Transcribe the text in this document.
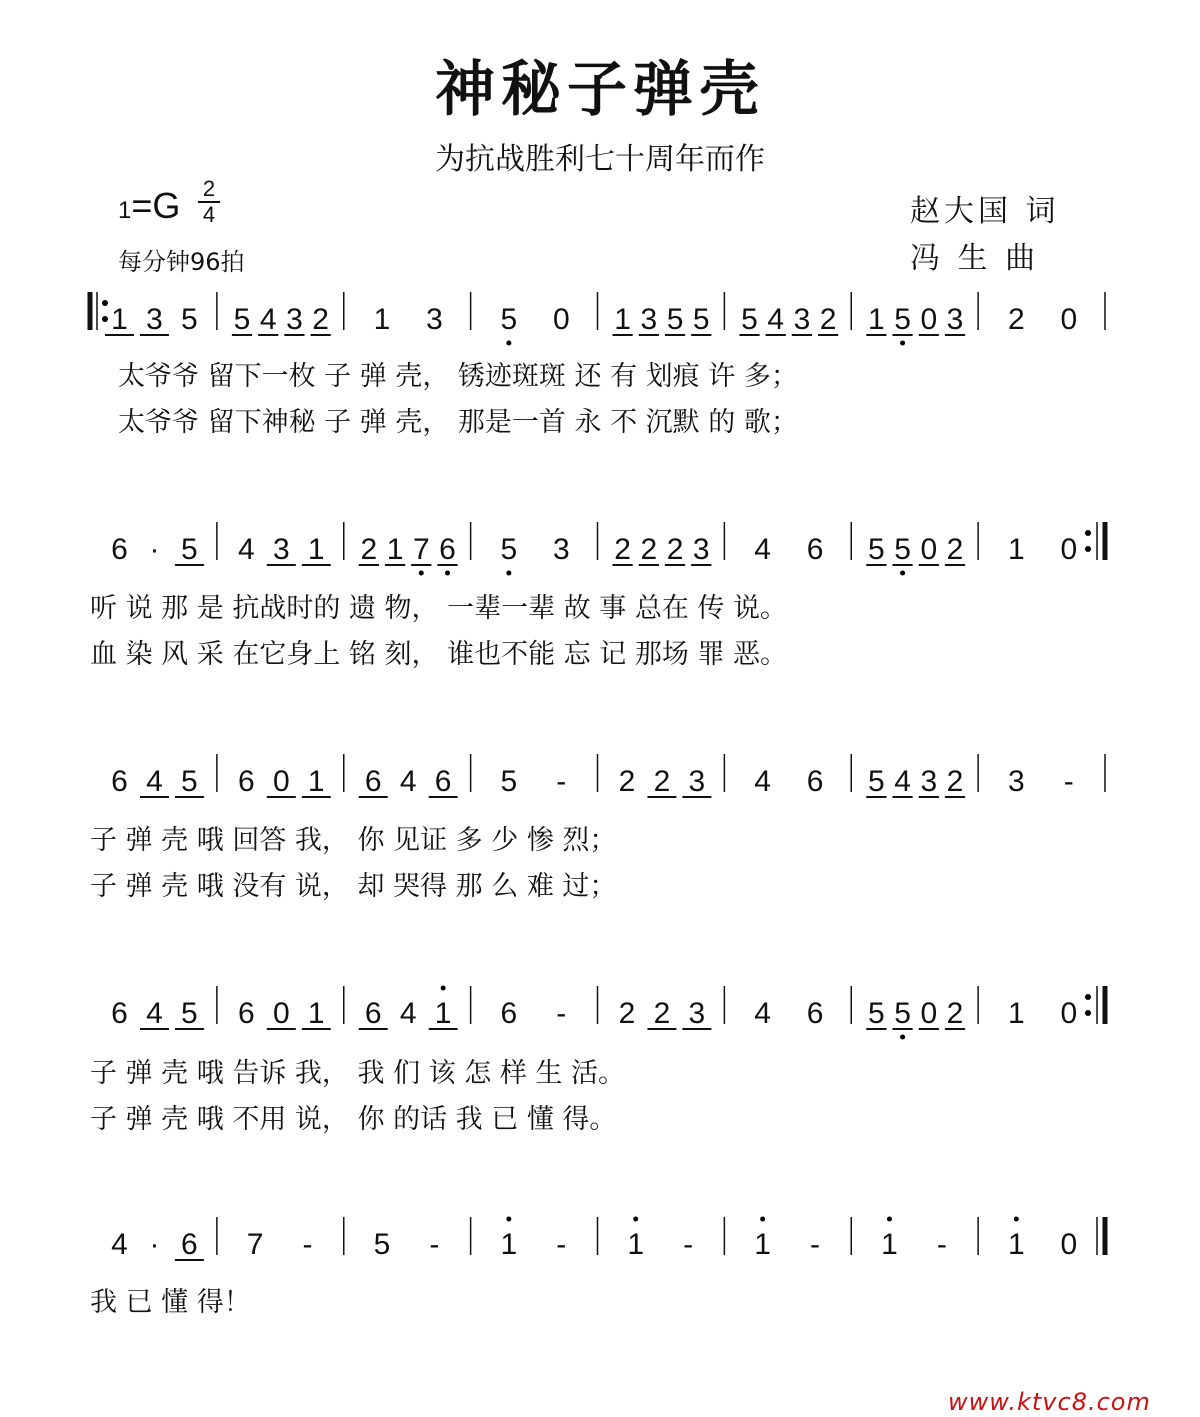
神秘子弹壳
为抗战胜利七十周年而作
1=G 2
4
每分钟96拍
赵大国 词
冯 生 曲
1 3 5 5 4 3 2 1 3 5 0 1 3 5 5 5 4 3 2 1 5 0 3 2 0
6 · 5 4 3 1 2 1 7 6 5 3 2 2 2 3 4 6 5 5 0 2 1 0
6 4 5 6 0 1 6 4 6 5 - 2 2 3 4 6 5 4 3 2 3 -
6 4 5 6 0 1 6 4 1 6 - 2 2 3 4 6 5 5 0 2 1 0
4 · 6 7 - 5 - 1 - 1 - 1 - 1 - 1 0
太爷爷 留下一枚 子 弹 壳， 锈迹斑斑 还 有 划痕 许 多；
太爷爷 留下神秘 子 弹 壳， 那是一首 永 不 沉默 的 歌；
听 说 那 是 抗战时的 遗 物， 一辈一辈 故 事 总在 传 说。
血 染 风 采 在它身上 铭 刻， 谁也不能 忘 记 那场 罪 恶。
子 弹 壳 哦 回答 我， 你 见证 多 少 惨 烈；
子 弹 壳 哦 没有 说， 却 哭得 那 么 难 过；
子 弹 壳 哦 告诉 我， 我 们 该 怎 样 生 活。
子 弹 壳 哦 不用 说， 你 的话 我 已 懂 得。
我 已 懂 得！
www.ktvc8.com
